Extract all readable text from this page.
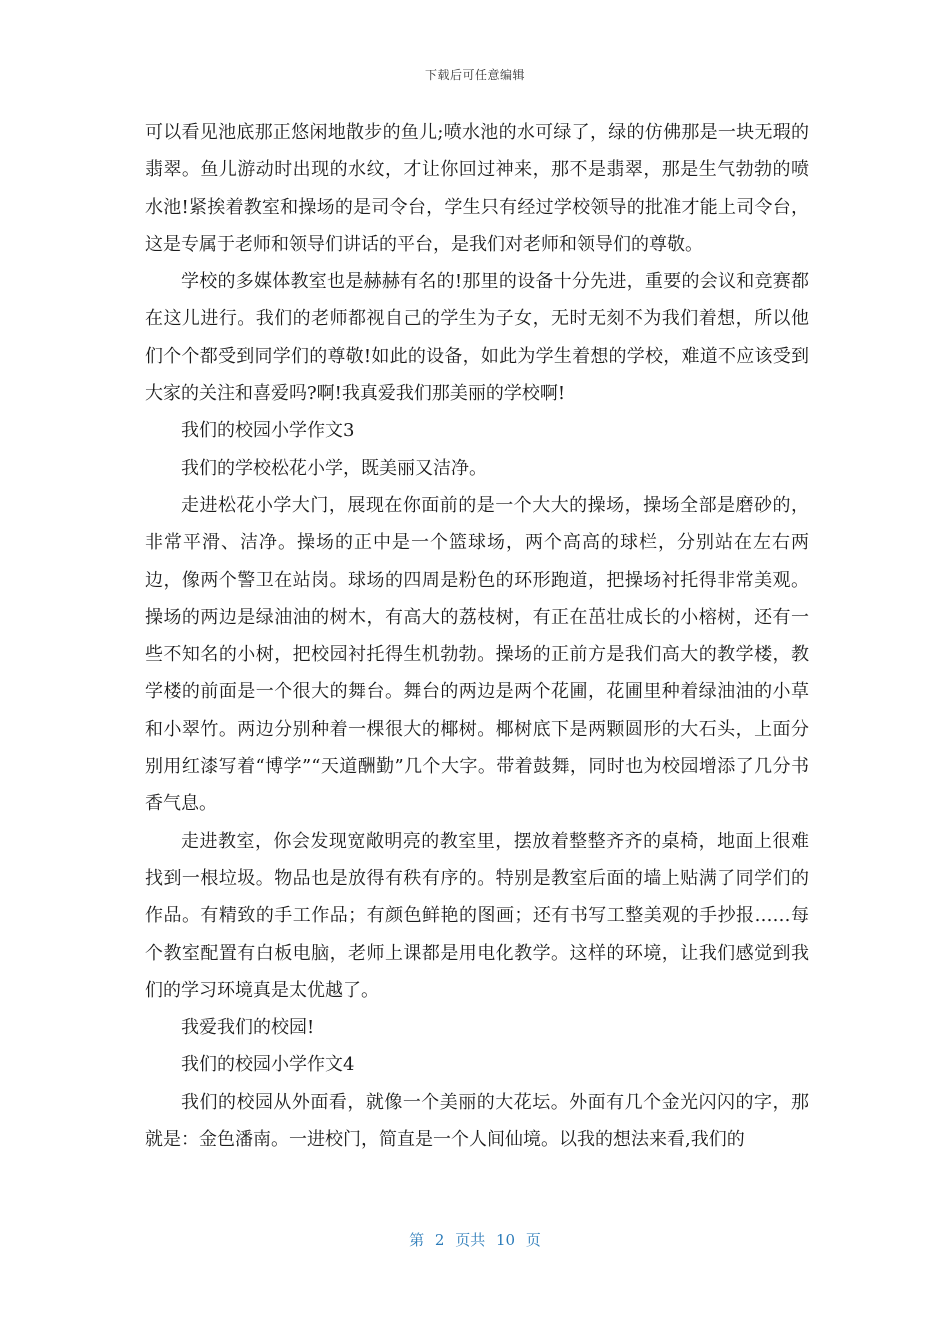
下载后可任意编辑

可以看见池底那正悠闲地散步的鱼儿;喷水池的水可绿了，绿的仿佛那是一块无瑕的翡翠。鱼儿游动时出现的水纹，才让你回过神来，那不是翡翠，那是生气勃勃的喷水池!紧挨着教室和操场的是司令台，学生只有经过学校领导的批准才能上司令台，这是专属于老师和领导们讲话的平台，是我们对老师和领导们的尊敬。

学校的多媒体教室也是赫赫有名的!那里的设备十分先进，重要的会议和竞赛都在这儿进行。我们的老师都视自己的学生为子女，无时无刻不为我们着想，所以他们个个都受到同学们的尊敬!如此的设备，如此为学生着想的学校，难道不应该受到大家的关注和喜爱吗?啊!我真爱我们那美丽的学校啊!

我们的校园小学作文3

我们的学校松花小学，既美丽又洁净。

走进松花小学大门，展现在你面前的是一个大大的操场，操场全部是磨砂的，非常平滑、洁净。操场的正中是一个篮球场，两个高高的球栏，分别站在左右两边，像两个警卫在站岗。球场的四周是粉色的环形跑道，把操场衬托得非常美观。操场的两边是绿油油的树木，有高大的荔枝树，有正在茁壮成长的小榕树，还有一些不知名的小树，把校园衬托得生机勃勃。操场的正前方是我们高大的教学楼，教学楼的前面是一个很大的舞台。舞台的两边是两个花圃，花圃里种着绿油油的小草和小翠竹。两边分别种着一棵很大的椰树。椰树底下是两颗圆形的大石头，上面分别用红漆写着“博学”“天道酬勤”几个大字。带着鼓舞，同时也为校园增添了几分书香气息。

走进教室，你会发现宽敞明亮的教室里，摆放着整整齐齐的桌椅，地面上很难找到一根垃圾。物品也是放得有秩有序的。特别是教室后面的墙上贴满了同学们的作品。有精致的手工作品；有颜色鲜艳的图画；还有书写工整美观的手抄报……每个教室配置有白板电脑，老师上课都是用电化教学。这样的环境，让我们感觉到我们的学习环境真是太优越了。

我爱我们的校园!

我们的校园小学作文4

我们的校园从外面看，就像一个美丽的大花坛。外面有几个金光闪闪的字，那就是：金色潘南。一进校门，简直是一个人间仙境。以我的想法来看,我们的

第 2 页共 10 页
